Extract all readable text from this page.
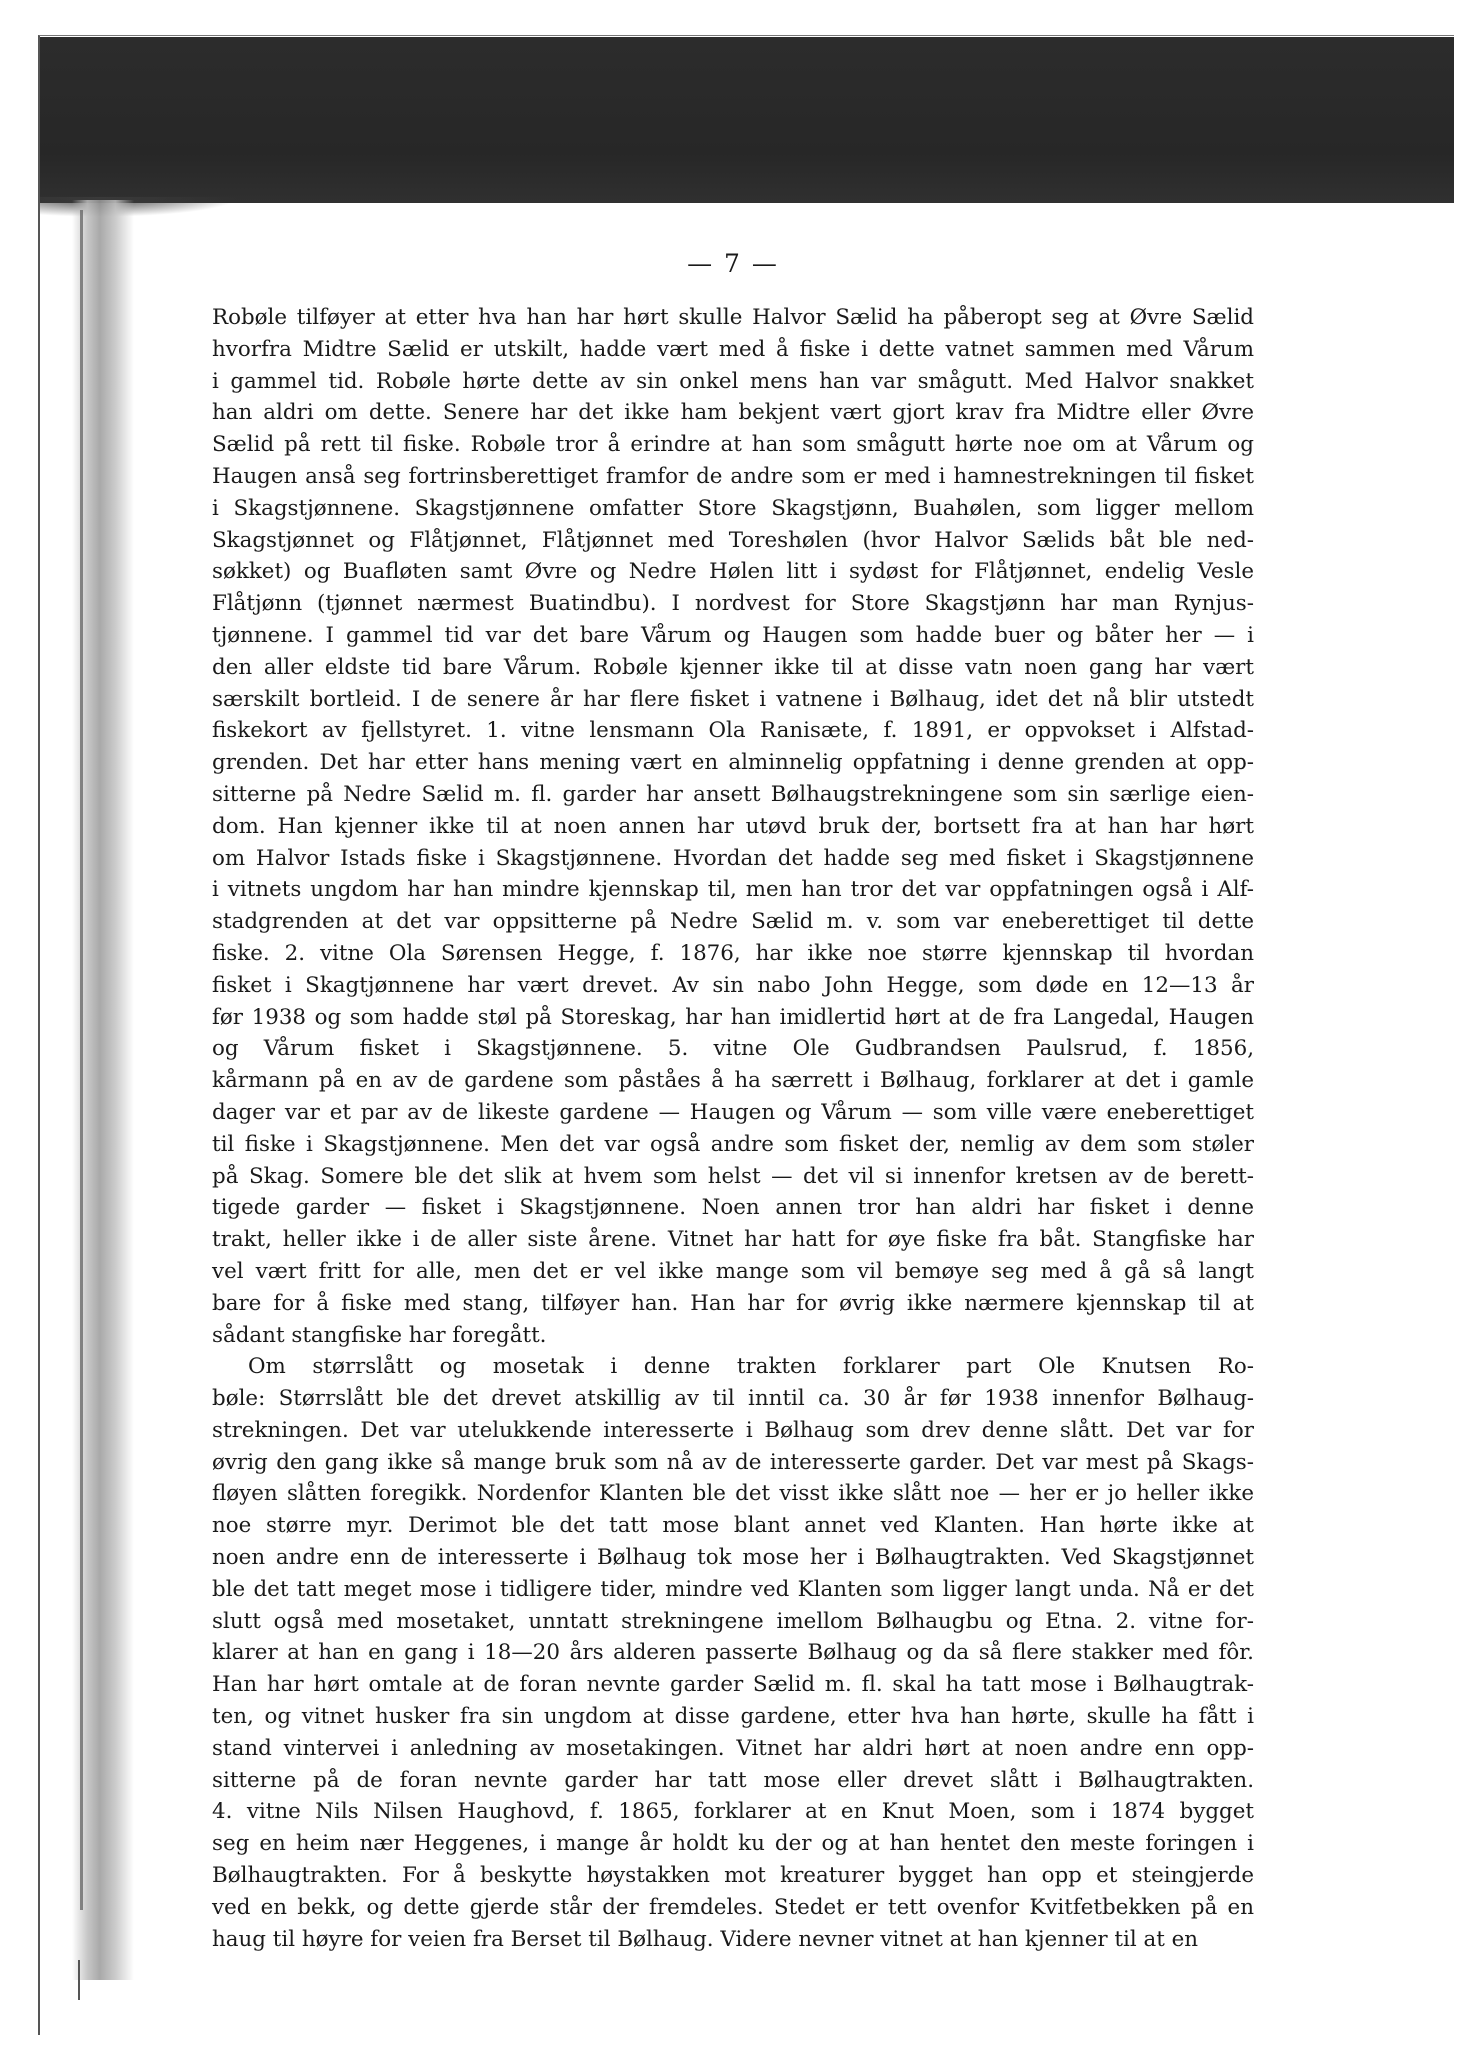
— 7 —
Robøle tilføyer at etter hva han har hørt skulle Halvor Sælid ha påberopt seg at Øvre Sælid
hvorfra Midtre Sælid er utskilt, hadde vært med å fiske i dette vatnet sammen med Vårum
i gammel tid. Robøle hørte dette av sin onkel mens han var smågutt. Med Halvor snakket
han aldri om dette. Senere har det ikke ham bekjent vært gjort krav fra Midtre eller Øvre
Sælid på rett til fiske. Robøle tror å erindre at han som smågutt hørte noe om at Vårum og
Haugen anså seg fortrinsberettiget framfor de andre som er med i hamnestrekningen til fisket
i Skagstjønnene. Skagstjønnene omfatter Store Skagstjønn, Buahølen, som ligger mellom
Skagstjønnet og Flåtjønnet, Flåtjønnet med Toreshølen (hvor Halvor Sælids båt ble ned-
søkket) og Buafløten samt Øvre og Nedre Hølen litt i sydøst for Flåtjønnet, endelig Vesle
Flåtjønn (tjønnet nærmest Buatindbu). I nordvest for Store Skagstjønn har man Rynjus-
tjønnene. I gammel tid var det bare Vårum og Haugen som hadde buer og båter her — i
den aller eldste tid bare Vårum. Robøle kjenner ikke til at disse vatn noen gang har vært
særskilt bortleid. I de senere år har flere fisket i vatnene i Bølhaug, idet det nå blir utstedt
fiskekort av fjellstyret. 1. vitne lensmann Ola Ranisæte, f. 1891, er oppvokset i Alfstad-
grenden. Det har etter hans mening vært en alminnelig oppfatning i denne grenden at opp-
sitterne på Nedre Sælid m. fl. garder har ansett Bølhaugstrekningene som sin særlige eien-
dom. Han kjenner ikke til at noen annen har utøvd bruk der, bortsett fra at han har hørt
om Halvor Istads fiske i Skagstjønnene. Hvordan det hadde seg med fisket i Skagstjønnene
i vitnets ungdom har han mindre kjennskap til, men han tror det var oppfatningen også i Alf-
stadgrenden at det var oppsitterne på Nedre Sælid m. v. som var eneberettiget til dette
fiske. 2. vitne Ola Sørensen Hegge, f. 1876, har ikke noe større kjennskap til hvordan
fisket i Skagtjønnene har vært drevet. Av sin nabo John Hegge, som døde en 12—13 år
før 1938 og som hadde støl på Storeskag, har han imidlertid hørt at de fra Langedal, Haugen
og Vårum fisket i Skagstjønnene. 5. vitne Ole Gudbrandsen Paulsrud, f. 1856,
kårmann på en av de gardene som påståes å ha særrett i Bølhaug, forklarer at det i gamle
dager var et par av de likeste gardene — Haugen og Vårum — som ville være eneberettiget
til fiske i Skagstjønnene. Men det var også andre som fisket der, nemlig av dem som støler
på Skag. Somere ble det slik at hvem som helst — det vil si innenfor kretsen av de berett-
tigede garder — fisket i Skagstjønnene. Noen annen tror han aldri har fisket i denne
trakt, heller ikke i de aller siste årene. Vitnet har hatt for øye fiske fra båt. Stangfiske har
vel vært fritt for alle, men det er vel ikke mange som vil bemøye seg med å gå så langt
bare for å fiske med stang, tilføyer han. Han har for øvrig ikke nærmere kjennskap til at
sådant stangfiske har foregått.
Om størrslått og mosetak i denne trakten forklarer part Ole Knutsen Ro-
bøle: Størrslått ble det drevet atskillig av til inntil ca. 30 år før 1938 innenfor Bølhaug-
strekningen. Det var utelukkende interesserte i Bølhaug som drev denne slått. Det var for
øvrig den gang ikke så mange bruk som nå av de interesserte garder. Det var mest på Skags-
fløyen slåtten foregikk. Nordenfor Klanten ble det visst ikke slått noe — her er jo heller ikke
noe større myr. Derimot ble det tatt mose blant annet ved Klanten. Han hørte ikke at
noen andre enn de interesserte i Bølhaug tok mose her i Bølhaugtrakten. Ved Skagstjønnet
ble det tatt meget mose i tidligere tider, mindre ved Klanten som ligger langt unda. Nå er det
slutt også med mosetaket, unntatt strekningene imellom Bølhaugbu og Etna. 2. vitne for-
klarer at han en gang i 18—20 års alderen passerte Bølhaug og da så flere stakker med fôr.
Han har hørt omtale at de foran nevnte garder Sælid m. fl. skal ha tatt mose i Bølhaugtrak-
ten, og vitnet husker fra sin ungdom at disse gardene, etter hva han hørte, skulle ha fått i
stand vintervei i anledning av mosetakingen. Vitnet har aldri hørt at noen andre enn opp-
sitterne på de foran nevnte garder har tatt mose eller drevet slått i Bølhaugtrakten.
4. vitne Nils Nilsen Haughovd, f. 1865, forklarer at en Knut Moen, som i 1874 bygget
seg en heim nær Heggenes, i mange år holdt ku der og at han hentet den meste foringen i
Bølhaugtrakten. For å beskytte høystakken mot kreaturer bygget han opp et steingjerde
ved en bekk, og dette gjerde står der fremdeles. Stedet er tett ovenfor Kvitfetbekken på en
haug til høyre for veien fra Berset til Bølhaug. Videre nevner vitnet at han kjenner til at en
